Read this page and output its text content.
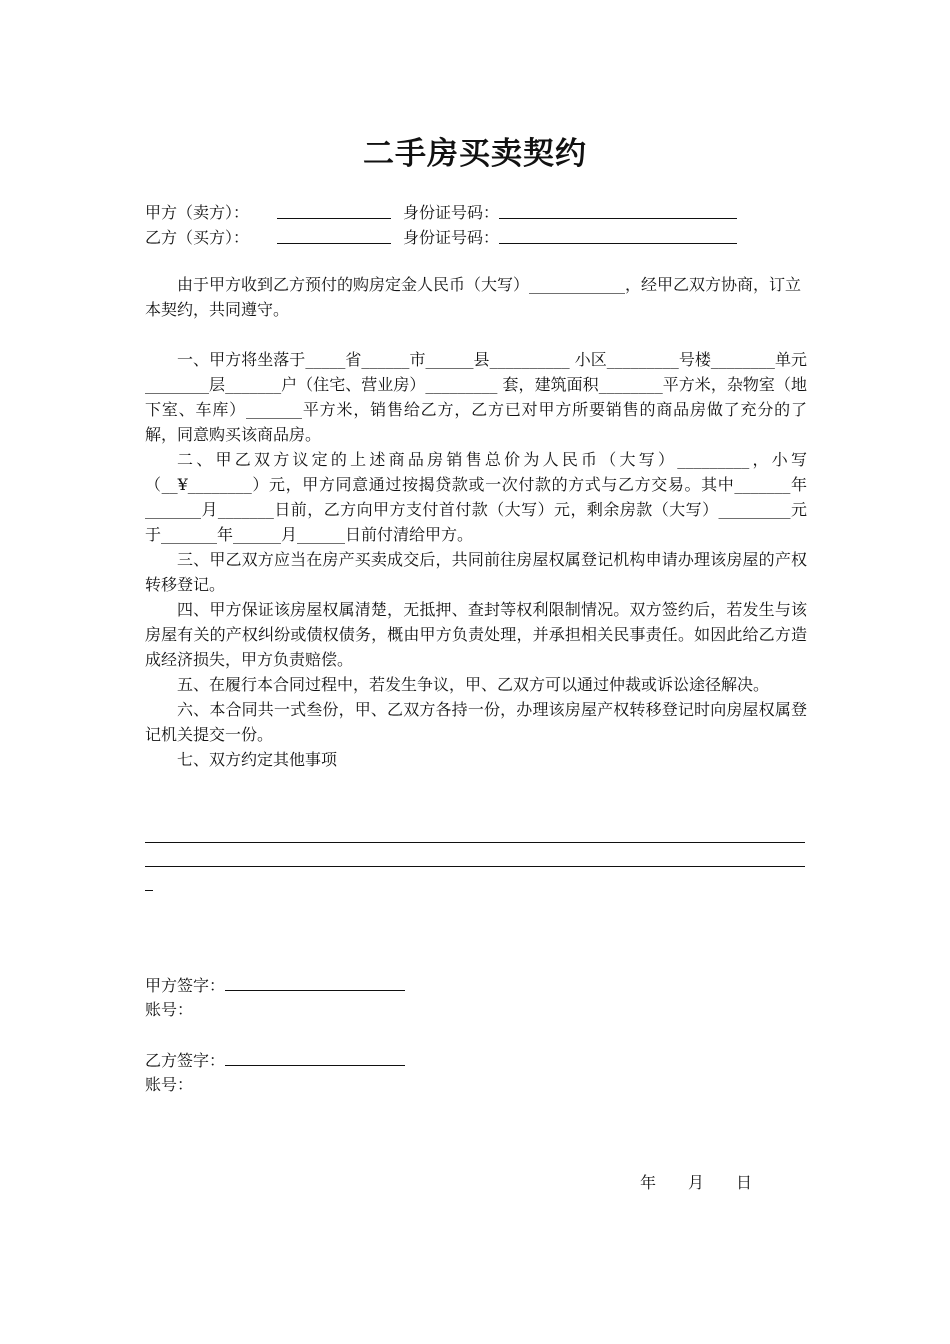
二手房买卖契约
甲方（卖方）：	身份证号码：
乙方（买方）：	身份证号码：

由于甲方收到乙方预付的购房定金人民币（大写）____________，经甲乙双方协商，订立本契约，共同遵守。

一、甲方将坐落于_____省______市______县__________ 小区_________号楼________单元________层_______户（住宅、营业房）_________ 套，建筑面积________平方米，杂物室（地下室、车库）_______平方米，销售给乙方，乙方已对甲方所要销售的商品房做了充分的了解，同意购买该商品房。

二、甲乙双方议定的上述商品房销售总价为人民币（大写）_________，小写（__¥________）元，甲方同意通过按揭贷款或一次付款的方式与乙方交易。其中_______年_______月_______日前，乙方向甲方支付首付款（大写）元，剩余房款（大写）_________元于_______年______月______日前付清给甲方。

三、甲乙双方应当在房产买卖成交后，共同前往房屋权属登记机构申请办理该房屋的产权转移登记。

四、甲方保证该房屋权属清楚，无抵押、查封等权利限制情况。双方签约后，若发生与该房屋有关的产权纠纷或债权债务，概由甲方负责处理，并承担相关民事责任。如因此给乙方造成经济损失，甲方负责赔偿。

五、在履行本合同过程中，若发生争议，甲、乙双方可以通过仲裁或诉讼途径解决。

六、本合同共一式叁份，甲、乙双方各持一份，办理该房屋产权转移登记时向房屋权属登记机关提交一份。

七、双方约定其他事项

甲方签字：
账号：
乙方签字：
账号：
年　　月　　日
